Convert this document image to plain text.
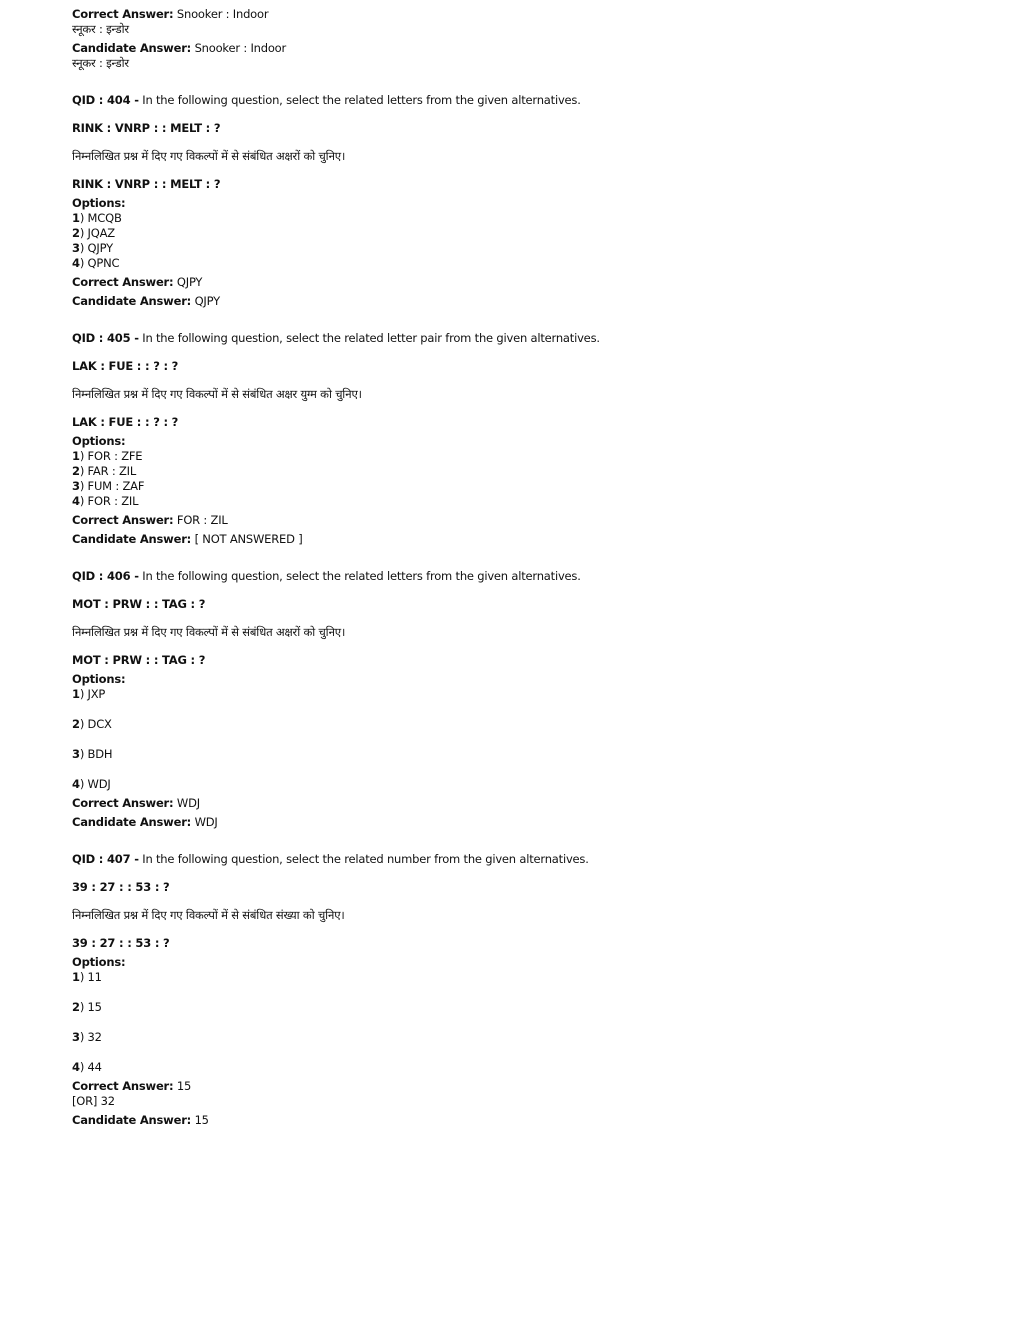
Correct Answer: Snooker : Indoor
स्नूकर : इन्डोर
Candidate Answer: Snooker : Indoor
स्नूकर : इन्डोर
QID : 404 - In the following question, select the related letters from the given alternatives.
RINK : VNRP : : MELT : ?
निम्नलिखित प्रश्न में दिए गए विकल्पों में से संबंधित अक्षरों को चुनिए।
RINK : VNRP : : MELT : ?
Options:
1) MCQB
2) JQAZ
3) QJPY
4) QPNC
Correct Answer: QJPY
Candidate Answer: QJPY
QID : 405 - In the following question, select the related letter pair from the given alternatives.
LAK : FUE : : ? : ?
निम्नलिखित प्रश्न में दिए गए विकल्पों में से संबंधित अक्षर युग्म को चुनिए।
LAK : FUE : : ? : ?
Options:
1) FOR : ZFE
2) FAR : ZIL
3) FUM : ZAF
4) FOR : ZIL
Correct Answer: FOR : ZIL
Candidate Answer: [ NOT ANSWERED ]
QID : 406 - In the following question, select the related letters from the given alternatives.
MOT : PRW : : TAG : ?
निम्नलिखित प्रश्न में दिए गए विकल्पों में से संबंधित अक्षरों को चुनिए।
MOT : PRW : : TAG : ?
Options:
1) JXP
2) DCX
3) BDH
4) WDJ
Correct Answer: WDJ
Candidate Answer: WDJ
QID : 407 - In the following question, select the related number from the given alternatives.
39 : 27 : : 53 : ?
निम्नलिखित प्रश्न में दिए गए विकल्पों में से संबंधित संख्या को चुनिए।
39 : 27 : : 53 : ?
Options:
1) 11
2) 15
3) 32
4) 44
Correct Answer: 15
[OR] 32
Candidate Answer: 15
